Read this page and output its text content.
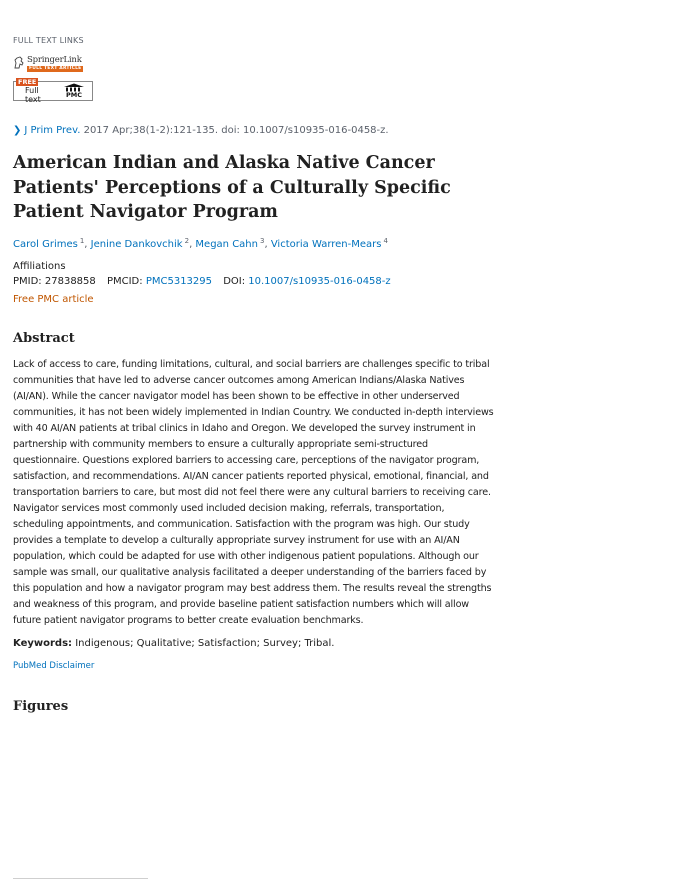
FULL TEXT LINKS
SpringerLink
FULL TEXT ARTICLE
FREE
Full text	PMC
❯ J Prim Prev. 2017 Apr;38(1-2):121-135. doi: 10.1007/s10935-016-0458-z.
American Indian and Alaska Native Cancer Patients' Perceptions of a Culturally Specific Patient Navigator Program
Carol Grimes $^1$, Jenine Dankovchik $^2$, Megan Cahn $^3$, Victoria Warren-Mears $^4$
Affiliations
PMID: 27838858 PMCID: PMC5313295 DOI: 10.1007/s10935-016-0458-z
Free PMC article
Abstract

Lack of access to care, funding limitations, cultural, and social barriers are challenges specific to tribal communities that have led to adverse cancer outcomes among American Indians/Alaska Natives (AI/AN). While the cancer navigator model has been shown to be effective in other underserved communities, it has not been widely implemented in Indian Country. We conducted in-depth interviews with 40 AI/AN patients at tribal clinics in Idaho and Oregon. We developed the survey instrument in partnership with community members to ensure a culturally appropriate semi-structured questionnaire. Questions explored barriers to accessing care, perceptions of the navigator program, satisfaction, and recommendations. AI/AN cancer patients reported physical, emotional, financial, and transportation barriers to care, but most did not feel there were any cultural barriers to receiving care. Navigator services most commonly used included decision making, referrals, transportation, scheduling appointments, and communication. Satisfaction with the program was high. Our study provides a template to develop a culturally appropriate survey instrument for use with an AI/AN population, which could be adapted for use with other indigenous patient populations. Although our sample was small, our qualitative analysis facilitated a deeper understanding of the barriers faced by this population and how a navigator program may best address them. The results reveal the strengths and weakness of this program, and provide baseline patient satisfaction numbers which will allow future patient navigator programs to better create evaluation benchmarks.

Keywords: Indigenous; Qualitative; Satisfaction; Survey; Tribal.
PubMed Disclaimer
Figures
